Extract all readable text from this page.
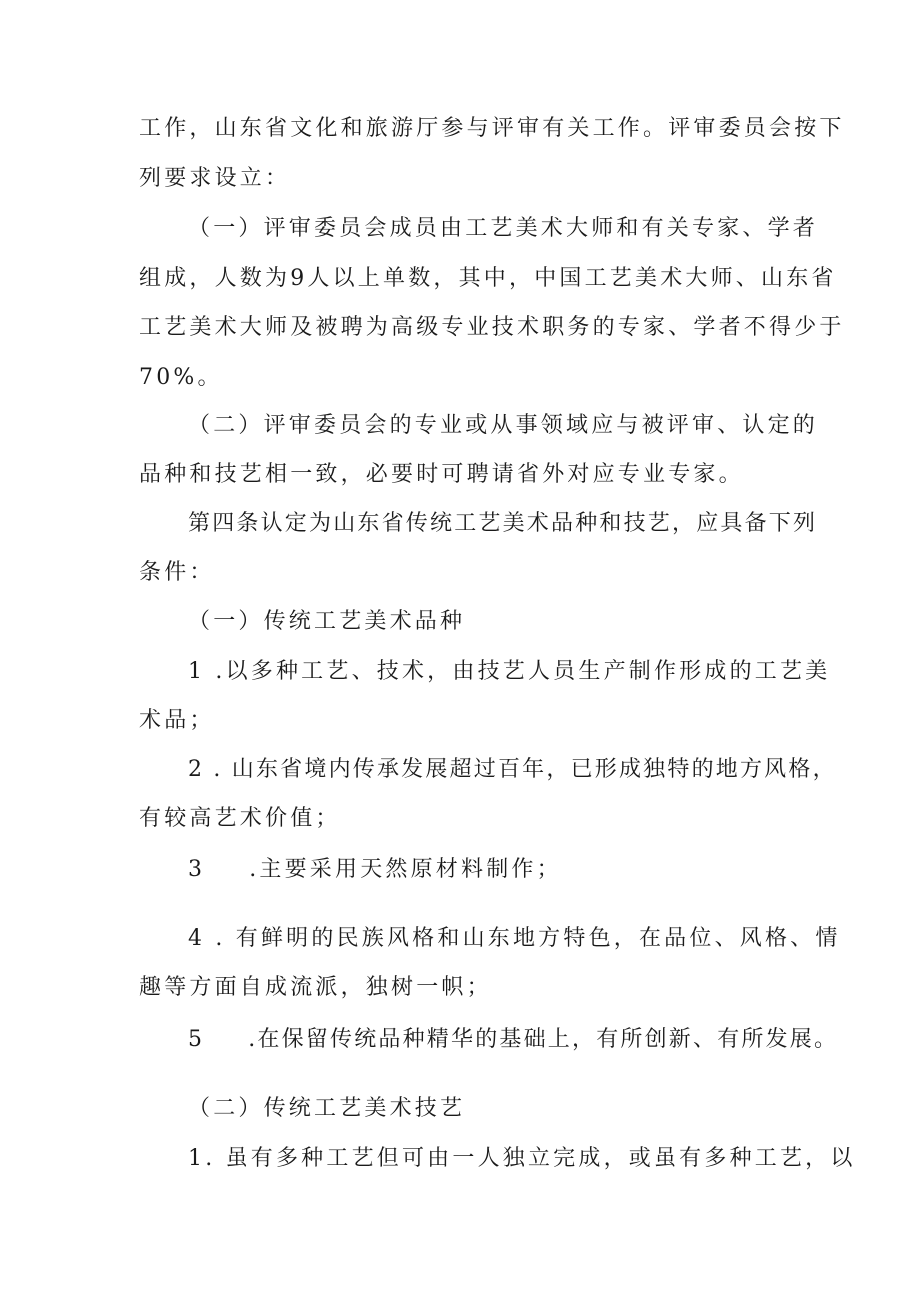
工作，山东省文化和旅游厅参与评审有关工作。评审委员会按下
列要求设立：
（一）评审委员会成员由工艺美术大师和有关专家、学者
组成，人数为9人以上单数，其中，中国工艺美术大师、山东省
工艺美术大师及被聘为高级专业技术职务的专家、学者不得少于
70%。
（二）评审委员会的专业或从事领域应与被评审、认定的
品种和技艺相一致，必要时可聘请省外对应专业专家。
第四条认定为山东省传统工艺美术品种和技艺，应具备下列
条件：
（一）传统工艺美术品种
1 .以多种工艺、技术，由技艺人员生产制作形成的工艺美
术品；
2 . 山东省境内传承发展超过百年，已形成独特的地方风格，
有较高艺术价值；
3 .主要采用天然原材料制作；
4 . 有鲜明的民族风格和山东地方特色，在品位、风格、情
趣等方面自成流派，独树一帜；
5 .在保留传统品种精华的基础上，有所创新、有所发展。
（二）传统工艺美术技艺
1. 虽有多种工艺但可由一人独立完成，或虽有多种工艺，以
